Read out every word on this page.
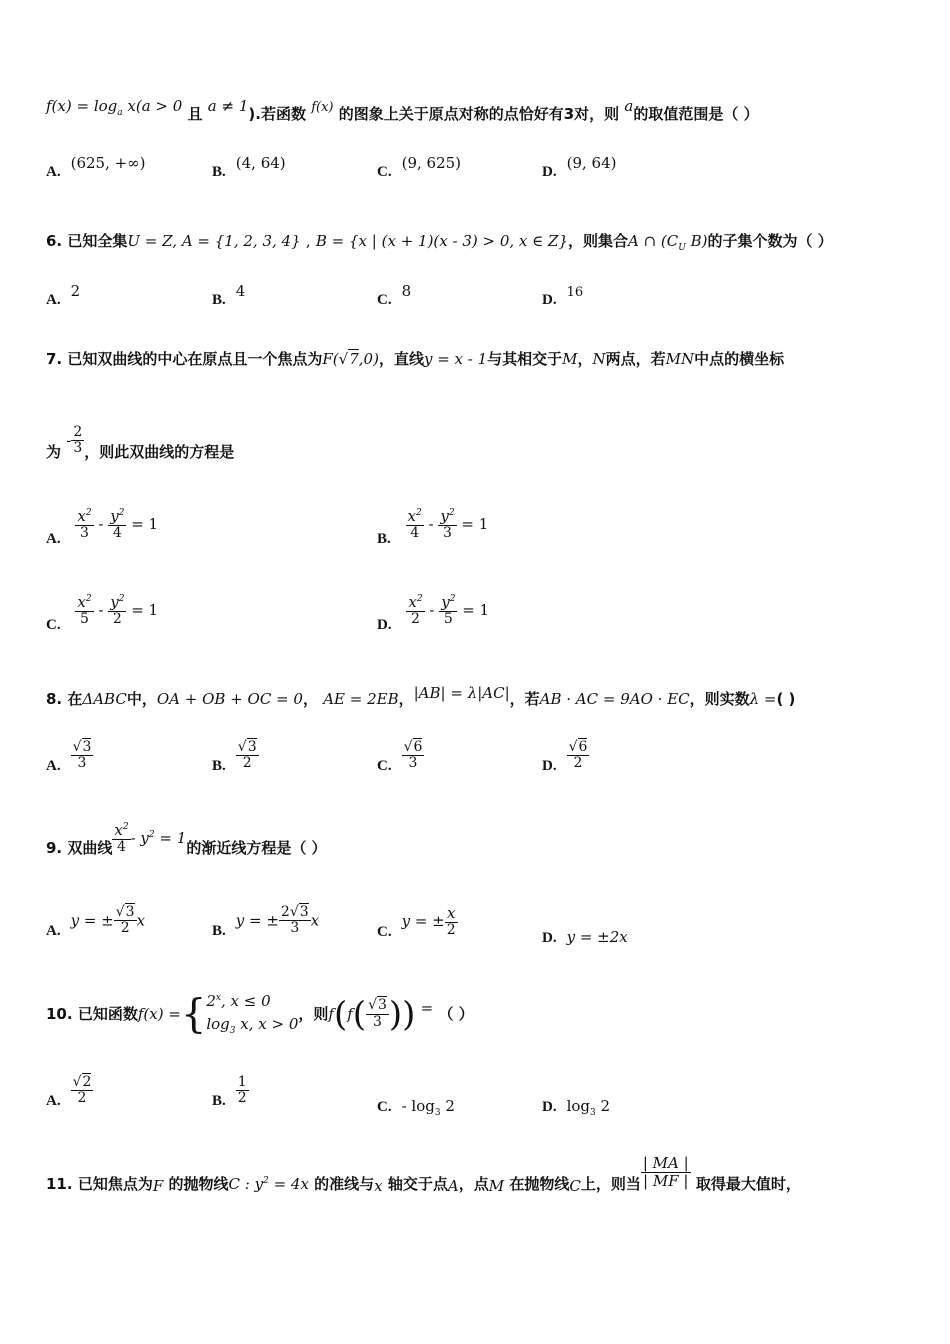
$f(x) = \log_a x(a > 0$ 且 a ≠ 1).若函数 f(x) 的图象上关于原点对称的点恰好有3对，则 a的取值范围是（ ）
A. (625, +∞)	B. (4, 64)	C. (9, 625)	D. (9, 64)
6. 已知全集U = Z, A = {1, 2, 3, 4} , B = {x | (x + 1)(x - 3) > 0, x ∈ Z}，则集合A ∩ ($C_U$ B)的子集个数为（ ）
A. 2	B. 4	C. 8	D. 16
7. 已知双曲线的中心在原点且一个焦点为F(√7,0)，直线y = x - 1与其相交于M，N两点，若MN中点的横坐标
为 - $\frac{2}{3}$ ，则此双曲线的方程是
A. $\frac{x^2}{3} - \frac{y^2}{4} = 1$
B. $\frac{x^2}{4} - \frac{y^2}{3} = 1$
C. $\frac{x^2}{5} - \frac{y^2}{2} = 1$
D. $\frac{x^2}{2} - \frac{y^2}{5} = 1$
8. 在ΔABC中，OA + OB + OC = 0， AE = 2EB，|AB| = λ|AC|，若AB · AC = 9AO · EC，则实数λ =( )
A. $\frac{√3}{3}$	B. $\frac{√3}{2}$	C. $\frac{√6}{3}$	D. $\frac{√6}{2}$
9. 双曲线 $\frac{x^2}{4} - y^2 = 1$的渐近线方程是（ ）
A.y = ± $\frac{√3}{2}$ x
B.y = ± $\frac{2√3}{3}$ x
C.y = ± $\frac{x}{2}$
D. y = ±2x
10. 已知函数$f(x) =\{2^x$, x ≤ 0
$\log_3 x$, x > 0，则$f(f( \frac{√3}{3}$ )) = （ ）
A. $\frac{√2}{2}$	B. $\frac{1}{2}$
C. - $\log_3 2$	D. $\log_3 2$
11. 已知焦点为F 的抛物线C : $y^2 = 4x$ 的准线与x 轴交于点A，点M 在抛物线C上，则当 $\frac{| MA |}{| MF |}$ 取得最大值时，
